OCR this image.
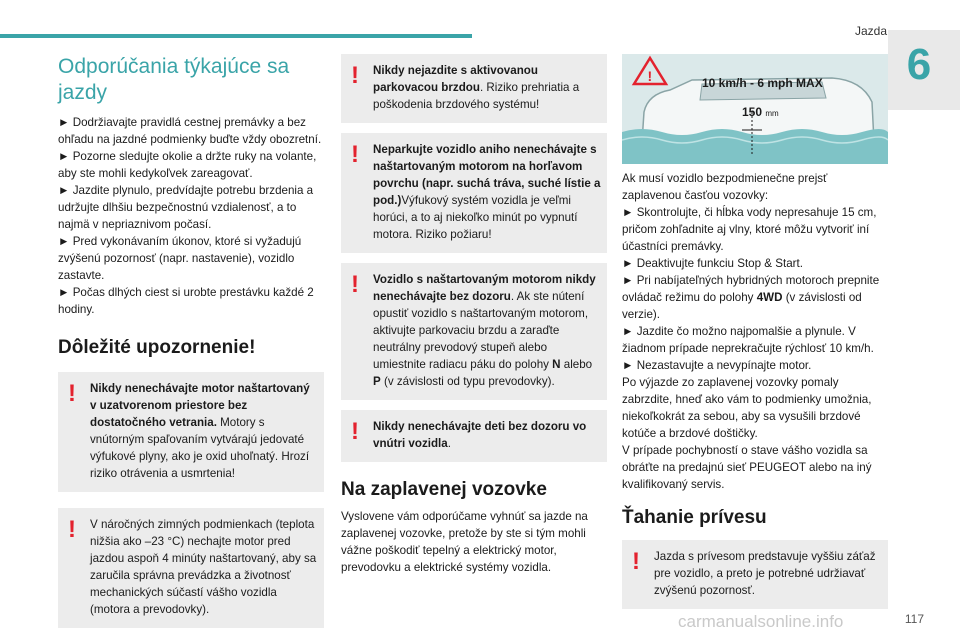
Jazda
6
Odporúčania týkajúce sa jazdy
► Dodržiavajte pravidlá cestnej premávky a bez ohľadu na jazdné podmienky buďte vždy obozretní.
► Pozorne sledujte okolie a držte ruky na volante, aby ste mohli kedykoľvek zareagovať.
► Jazdite plynulo, predvídajte potrebu brzdenia a udržujte dlhšiu bezpečnostnú vzdialenosť, a to najmä v nepriaznivom počasí.
► Pred vykonávaním úkonov, ktoré si vyžadujú zvýšenú pozornosť (napr. nastavenie), vozidlo zastavte.
► Počas dlhých ciest si urobte prestávku každé 2 hodiny.
Dôležité upozornenie!
! Nikdy nenechávajte motor naštartovaný v uzatvorenom priestore bez dostatočného vetrania. Motory s vnútorným spaľovaním vytvárajú jedovaté výfukové plyny, ako je oxid uhoľnatý. Hrozí riziko otrávenia a usmrtenia!
! V náročných zimných podmienkach (teplota nižšia ako –23 °C) nechajte motor pred jazdou aspoň 4 minúty naštartovaný, aby sa zaručila správna prevádzka a životnosť mechanických súčastí vášho vozidla (motora a prevodovky).
! Nikdy nejazdite s aktivovanou parkovacou brzdou. Riziko prehriatia a poškodenia brzdového systému!
! Neparkujte vozidlo aniho nenechávajte s naštartovaným motorom na horľavom povrchu (napr. suchá tráva, suché lístie a pod.)Výfukový systém vozidla je veľmi horúci, a to aj niekoľko minút po vypnutí motora. Riziko požiaru!
! Vozidlo s naštartovaným motorom nikdy nenechávajte bez dozoru. Ak ste nútení opustiť vozidlo s naštartovaným motorom, aktivujte parkovaciu brzdu a zaraďte neutrálny prevodový stupeň alebo umiestnite radiacu páku do polohy N alebo P (v závislosti od typu prevodovky).
! Nikdy nenechávajte deti bez dozoru vo vnútri vozidla.
Na zaplavenej vozovke
Vyslovene vám odporúčame vyhnúť sa jazde na zaplavenej vozovke, pretože by ste si tým mohli vážne poškodiť tepelný a elektrický motor, prevodovku a elektrické systémy vozidla.
!	10 km/h - 6 mph MAX
150 mm
Ak musí vozidlo bezpodmienečne prejsť zaplavenou časťou vozovky:
► Skontrolujte, či hĺbka vody nepresahuje 15 cm, pričom zohľadnite aj vlny, ktoré môžu vytvoriť iní účastníci premávky.
► Deaktivujte funkciu Stop & Start.
► Pri nabíjateľných hybridných motoroch prepnite ovládač režimu do polohy 4WD (v závislosti od verzie).
► Jazdite čo možno najpomalšie a plynule. V žiadnom prípade neprekračujte rýchlosť 10 km/h.
► Nezastavujte a nevypínajte motor.
Po výjazde zo zaplavenej vozovky pomaly zabrzdite, hneď ako vám to podmienky umožnia, niekoľkokrát za sebou, aby sa vysušili brzdové kotúče a brzdové doštičky.
V prípade pochybností o stave vášho vozidla sa obráťte na predajnú sieť PEUGEOT alebo na iný kvalifikovaný servis.
Ťahanie prívesu
! Jazda s prívesom predstavuje vyššiu záťaž pre vozidlo, a preto je potrebné udržiavať zvýšenú pozornosť.
carmanualsonline.info	117
